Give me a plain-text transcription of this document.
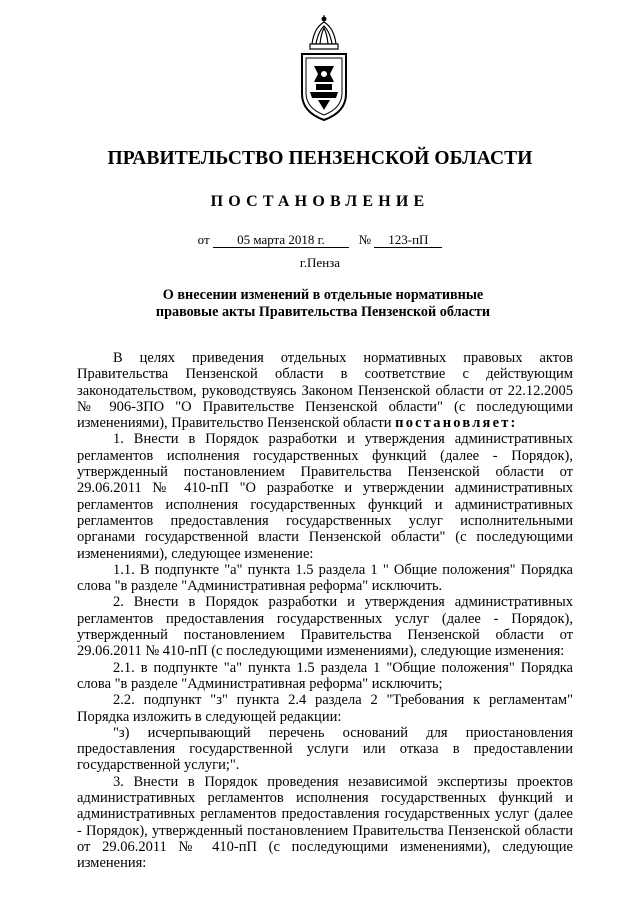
ПРАВИТЕЛЬСТВО ПЕНЗЕНСКОЙ ОБЛАСТИ
ПОСТАНОВЛЕНИЕ
от 05 марта 2018 г.	№ 123-пП
г.Пенза
О внесении изменений в отдельные нормативные
правовые акты Правительства Пензенской области

В целях приведения отдельных нормативных правовых актов Правительства Пензенской области в соответствие с действующим законодательством, руководствуясь Законом Пензенской области от 22.12.2005 № 906-ЗПО "О Правительстве Пензенской области" (с последующими изменениями), Правительство Пензенской области постановляет:

1. Внести в Порядок разработки и утверждения административных регламентов исполнения государственных функций (далее - Порядок), утвержденный постановлением Правительства Пензенской области от 29.06.2011 № 410-пП "О разработке и утверждении административных регламентов исполнения государственных функций и административных регламентов предоставления государственных услуг исполнительными органами государственной власти Пензенской области" (с последующими изменениями), следующее изменение:

1.1. В подпункте "а" пункта 1.5 раздела 1 " Общие положения" Порядка слова "в разделе "Административная реформа" исключить.

2. Внести в Порядок разработки и утверждения административных регламентов предоставления государственных услуг (далее - Порядок), утвержденный постановлением Правительства Пензенской области от 29.06.2011 № 410-пП (с последующими изменениями), следующие изменения:

2.1. в подпункте "а" пункта 1.5 раздела 1 "Общие положения" Порядка слова "в разделе "Административная реформа" исключить;

2.2. подпункт "з" пункта 2.4 раздела 2 "Требования к регламентам" Порядка изложить в следующей редакции:

"з) исчерпывающий перечень оснований для приостановления предоставления государственной услуги или отказа в предоставлении государственной услуги;".

3. Внести в Порядок проведения независимой экспертизы проектов административных регламентов исполнения государственных функций и административных регламентов предоставления государственных услуг (далее - Порядок), утвержденный постановлением Правительства Пензенской области от 29.06.2011 № 410-пП (с последующими изменениями), следующие изменения:
